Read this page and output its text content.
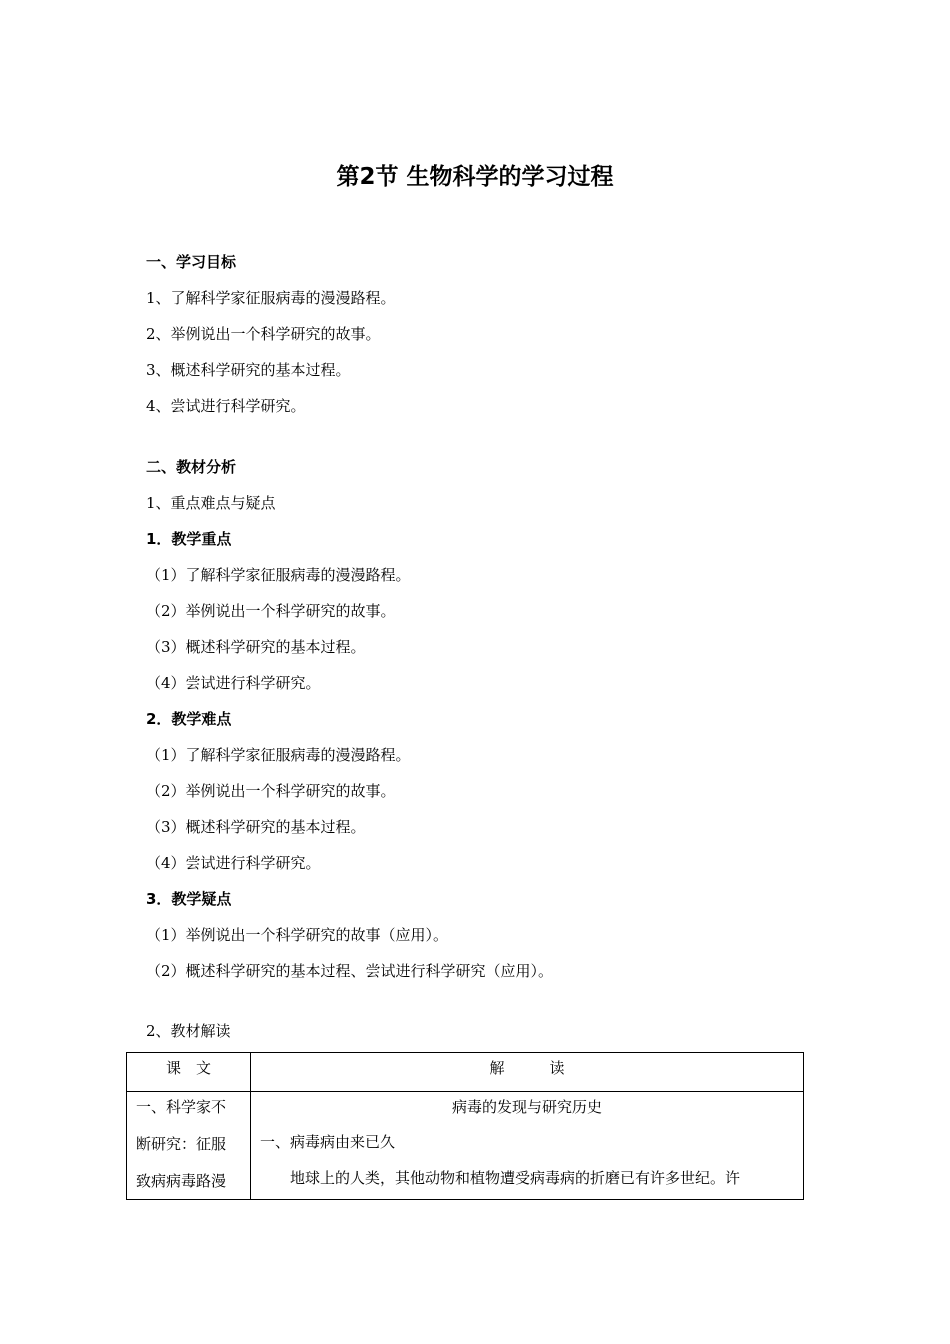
第2节 生物科学的学习过程
一、学习目标
1、了解科学家征服病毒的漫漫路程。
2、举例说出一个科学研究的故事。
3、概述科学研究的基本过程。
4、尝试进行科学研究。
二、教材分析
1、重点难点与疑点
1．教学重点
（1）了解科学家征服病毒的漫漫路程。
（2）举例说出一个科学研究的故事。
（3）概述科学研究的基本过程。
（4）尝试进行科学研究。
2．教学难点
（1）了解科学家征服病毒的漫漫路程。
（2）举例说出一个科学研究的故事。
（3）概述科学研究的基本过程。
（4）尝试进行科学研究。
3．教学疑点
（1）举例说出一个科学研究的故事（应用）。
（2）概述科学研究的基本过程、尝试进行科学研究（应用）。
2、教材解读
课　文	解　　　读
一、科学家不
断研究：征服
致病病毒路漫
病毒的发现与研究历史
一、病毒病由来已久
地球上的人类，其他动物和植物遭受病毒病的折磨已有许多世纪。许
